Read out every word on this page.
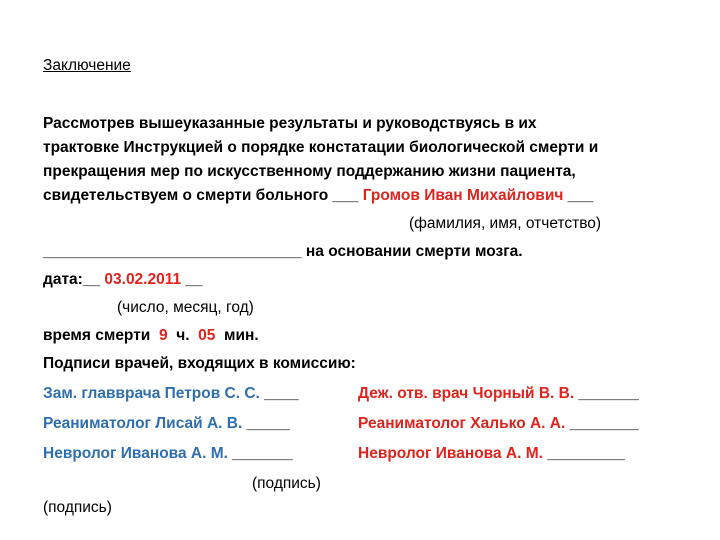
Заключение
Рассмотрев вышеуказанные результаты и руководствуясь в их
трактовке Инструкцией о порядке констатации биологической смерти и
прекращения мер по искусственному поддержанию жизни пациента,
свидетельствуем о смерти больного ___ Громов Иван Михайлович ___
(фамилия, имя, отчетство)
______________________________ на основании смерти мозга.
дата:__ 03.02.2011 __
(число, месяц, год)
время смерти 9 ч. 05 мин.
Подписи врачей, входящих в комиссию:
Зам. главврача Петров С. С. ____
Реаниматолог Лисай А. В. _____
Невролог Иванова А. М. _______
Деж. отв. врач Чорный В. В. _______
Реаниматолог Халько А. А. ________
Невролог Иванова А. М. _________
(подпись)
(подпись)
